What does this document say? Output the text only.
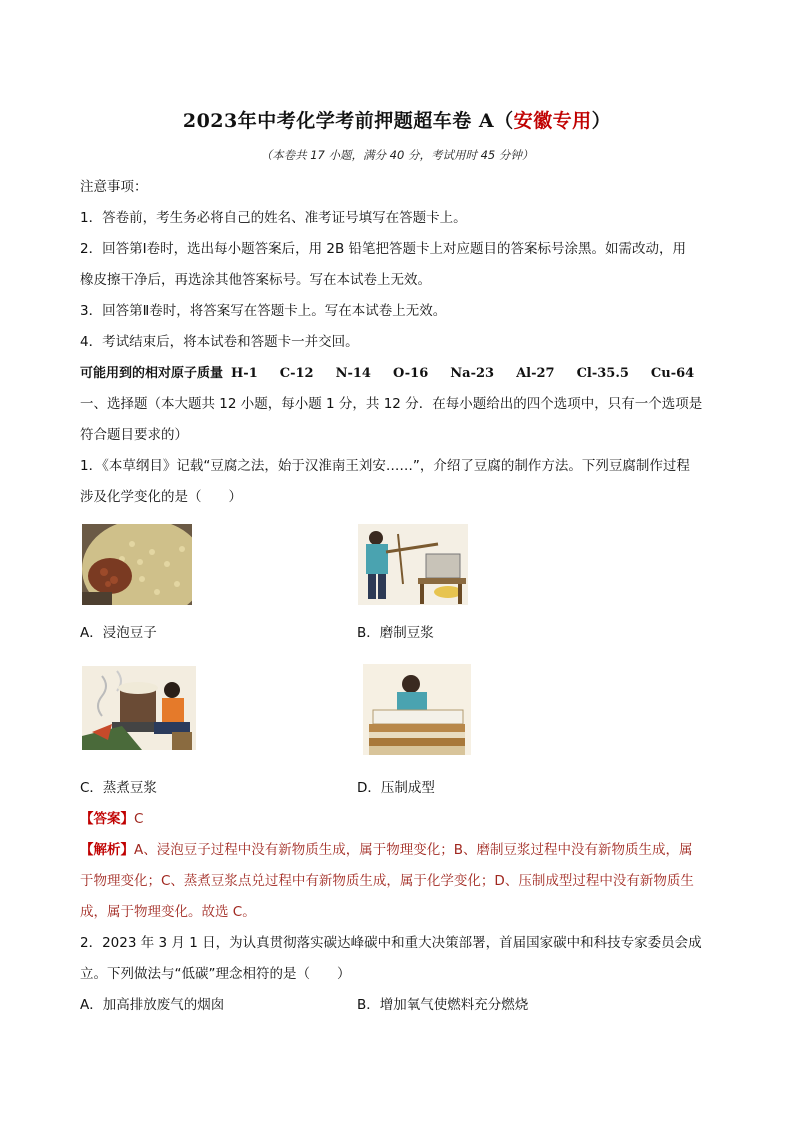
2023年中考化学考前押题超车卷 A（安徽专用）
（本卷共 17 小题，满分 40 分，考试用时 45 分钟）
注意事项：
1．答卷前，考生务必将自己的姓名、准考证号填写在答题卡上。
2．回答第Ⅰ卷时，选出每小题答案后，用 2B 铅笔把答题卡上对应题目的答案标号涂黑。如需改动，用
橡皮擦干净后，再选涂其他答案标号。写在本试卷上无效。
3．回答第Ⅱ卷时，将答案写在答题卡上。写在本试卷上无效。
4．考试结束后，将本试卷和答题卡一并交回。
可能用到的相对原子质量 H-1 C-12 N-14 O-16 Na-23 Al-27 Cl-35.5 Cu-64
一、选择题（本大题共 12 小题，每小题 1 分，共 12 分．在每小题给出的四个选项中，只有一个选项是
符合题目要求的）
1．《本草纲目》记载“豆腐之法，始于汉淮南王刘安……”，介绍了豆腐的制作方法。下列豆腐制作过程
涉及化学变化的是（　　）
A．浸泡豆子	B．磨制豆浆
C．蒸煮豆浆	D．压制成型
【答案】C
【解析】A、浸泡豆子过程中没有新物质生成，属于物理变化；B、磨制豆浆过程中没有新物质生成，属
于物理变化；C、蒸煮豆浆点兑过程中有新物质生成，属于化学变化；D、压制成型过程中没有新物质生
成，属于物理变化。故选 C。
2．2023 年 3 月 1 日，为认真贯彻落实碳达峰碳中和重大决策部署，首届国家碳中和科技专家委员会成
立。下列做法与“低碳”理念相符的是（　　）
A．加高排放废气的烟囱	B．增加氧气使燃料充分燃烧
